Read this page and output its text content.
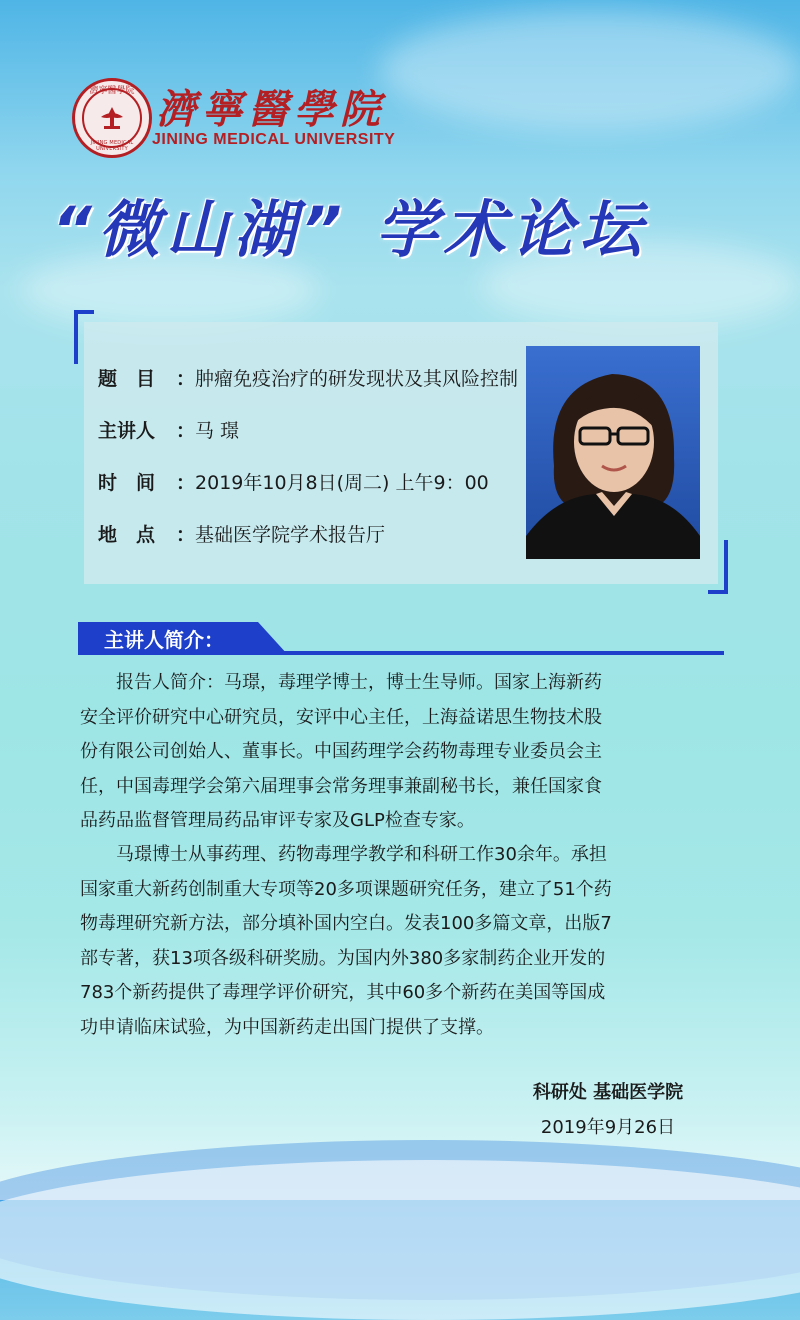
濟寧醫學院
JINING MEDICAL UNIVERSITY
濟寧醫學院
JINING MEDICAL UNIVERSITY
“微山湖” 学术论坛
题　目 ：肿瘤免疫治疗的研发现状及其风险控制
主讲人 ：马 璟
时　间 ：2019年10月8日(周二) 上午9：00
地　点 ：基础医学院学术报告厅
主讲人简介：

　　报告人简介：马璟，毒理学博士，博士生导师。国家上海新药

安全评价研究中心研究员，安评中心主任，上海益诺思生物技术股

份有限公司创始人、董事长。中国药理学会药物毒理专业委员会主

任，中国毒理学会第六届理事会常务理事兼副秘书长，兼任国家食

品药品监督管理局药品审评专家及GLP检查专家。

　　马璟博士从事药理、药物毒理学教学和科研工作30余年。承担

国家重大新药创制重大专项等20多项课题研究任务，建立了51个药

物毒理研究新方法，部分填补国内空白。发表100多篇文章，出版7

部专著，获13项各级科研奖励。为国内外380多家制药企业开发的

783个新药提供了毒理学评价研究，其中60多个新药在美国等国成

功申请临床试验，为中国新药走出国门提供了支撑。

科研处 基础医学院
2019年9月26日
